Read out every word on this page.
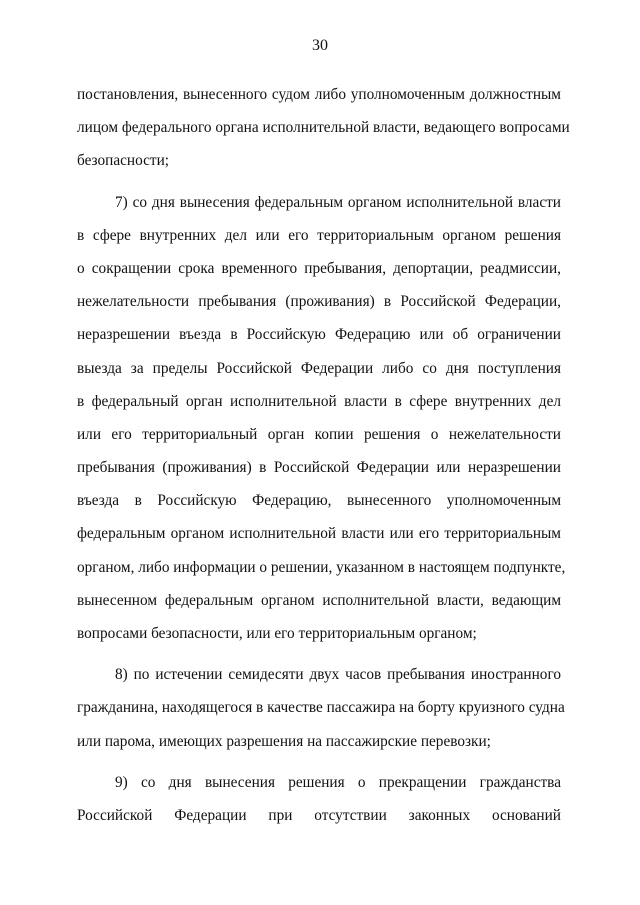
30
постановления, вынесенного судом либо уполномоченным должностным
лицом федерального органа исполнительной власти, ведающего вопросами
безопасности;
7) со дня вынесения федеральным органом исполнительной власти
в сфере внутренних дел или его территориальным органом решения
о сокращении срока временного пребывания, депортации, реадмиссии,
нежелательности пребывания (проживания) в Российской Федерации,
неразрешении въезда в Российскую Федерацию или об ограничении
выезда за пределы Российской Федерации либо со дня поступления
в федеральный орган исполнительной власти в сфере внутренних дел
или его территориальный орган копии решения о нежелательности
пребывания (проживания) в Российской Федерации или неразрешении
въезда в Российскую Федерацию, вынесенного уполномоченным
федеральным органом исполнительной власти или его территориальным
органом, либо информации о решении, указанном в настоящем подпункте,
вынесенном федеральным органом исполнительной власти, ведающим
вопросами безопасности, или его территориальным органом;
8) по истечении семидесяти двух часов пребывания иностранного
гражданина, находящегося в качестве пассажира на борту круизного судна
или парома, имеющих разрешения на пассажирские перевозки;
9) со дня вынесения решения о прекращении гражданства
Российской Федерации при отсутствии законных оснований
